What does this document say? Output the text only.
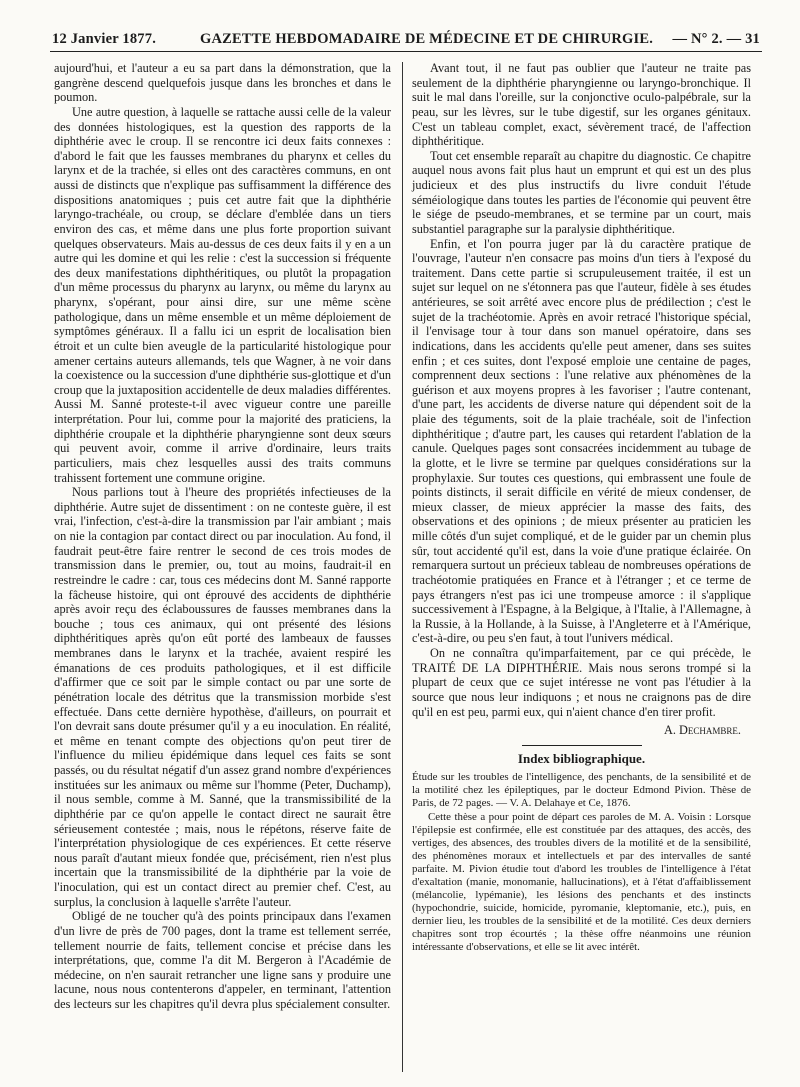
12 Janvier 1877.	GAZETTE HEBDOMADAIRE DE MÉDECINE ET DE CHIRURGIE. — N° 2. — 31

aujourd'hui, et l'auteur a eu sa part dans la démonstration, que la gangrène descend quelquefois jusque dans les bronches et dans le poumon.

Une autre question, à laquelle se rattache aussi celle de la valeur des données histologiques, est la question des rapports de la diphthérie avec le croup. Il se rencontre ici deux faits connexes : d'abord le fait que les fausses membranes du pharynx et celles du larynx et de la trachée, si elles ont des caractères communs, en ont aussi de distincts que n'explique pas suffisamment la différence des dispositions anatomiques ; puis cet autre fait que la diphthérie laryngo-trachéale, ou croup, se déclare d'emblée dans un tiers environ des cas, et même dans une plus forte proportion suivant quelques observateurs. Mais au-dessus de ces deux faits il y en a un autre qui les domine et qui les relie : c'est la succession si fréquente des deux manifestations diphthéritiques, ou plutôt la propagation d'un même processus du pharynx au larynx, ou même du larynx au pharynx, s'opérant, pour ainsi dire, sur une même scène pathologique, dans un même ensemble et un même déploiement de symptômes généraux. Il a fallu ici un esprit de localisation bien étroit et un culte bien aveugle de la particularité histologique pour amener certains auteurs allemands, tels que Wagner, à ne voir dans la coexistence ou la succession d'une diphthérie sus-glottique et d'un croup que la juxtaposition accidentelle de deux maladies différentes. Aussi M. Sanné proteste-t-il avec vigueur contre une pareille interprétation. Pour lui, comme pour la majorité des praticiens, la diphthérie croupale et la diphthérie pharyngienne sont deux sœurs qui peuvent avoir, comme il arrive d'ordinaire, leurs traits particuliers, mais chez lesquelles aussi des traits communs trahissent fortement une commune origine.

Nous parlions tout à l'heure des propriétés infectieuses de la diphthérie. Autre sujet de dissentiment : on ne conteste guère, il est vrai, l'infection, c'est-à-dire la transmission par l'air ambiant ; mais on nie la contagion par contact direct ou par inoculation. Au fond, il faudrait peut-être faire rentrer le second de ces trois modes de transmission dans le premier, ou, tout au moins, faudrait-il en restreindre le cadre : car, tous ces médecins dont M. Sanné rapporte la fâcheuse histoire, qui ont éprouvé des accidents de diphthérie après avoir reçu des éclaboussures de fausses membranes dans la bouche ; tous ces animaux, qui ont présenté des lésions diphthéritiques après qu'on eût porté des lambeaux de fausses membranes dans le larynx et la trachée, avaient respiré les émanations de ces produits pathologiques, et il est difficile d'affirmer que ce soit par le simple contact ou par une sorte de pénétration locale des détritus que la transmission morbide s'est effectuée. Dans cette dernière hypothèse, d'ailleurs, on pourrait et l'on devrait sans doute présumer qu'il y a eu inoculation. En réalité, et même en tenant compte des objections qu'on peut tirer de l'influence du milieu épidémique dans lequel ces faits se sont passés, ou du résultat négatif d'un assez grand nombre d'expériences instituées sur les animaux ou même sur l'homme (Peter, Duchamp), il nous semble, comme à M. Sanné, que la transmissibilité de la diphthérie par ce qu'on appelle le contact direct ne saurait être sérieusement contestée ; mais, nous le répétons, réserve faite de l'interprétation physiologique de ces expériences. Et cette réserve nous paraît d'autant mieux fondée que, précisément, rien n'est plus incertain que la transmissibilité de la diphthérie par la voie de l'inoculation, qui est un contact direct au premier chef. C'est, au surplus, la conclusion à laquelle s'arrête l'auteur.

Obligé de ne toucher qu'à des points principaux dans l'examen d'un livre de près de 700 pages, dont la trame est tellement serrée, tellement nourrie de faits, tellement concise et précise dans les interprétations, que, comme l'a dit M. Bergeron à l'Académie de médecine, on n'en saurait retrancher une ligne sans y produire une lacune, nous nous contenterons d'appeler, en terminant, l'attention des lecteurs sur les chapitres qu'il devra plus spécialement consulter.

Avant tout, il ne faut pas oublier que l'auteur ne traite pas seulement de la diphthérie pharyngienne ou laryngo-bronchique. Il suit le mal dans l'oreille, sur la conjonctive oculo-palpébrale, sur la peau, sur les lèvres, sur le tube digestif, sur les organes génitaux. C'est un tableau complet, exact, sévèrement tracé, de l'affection diphthéritique.

Tout cet ensemble reparaît au chapitre du diagnostic. Ce chapitre auquel nous avons fait plus haut un emprunt et qui est un des plus judicieux et des plus instructifs du livre conduit l'étude séméiologique dans toutes les parties de l'économie qui peuvent être le siége de pseudo-membranes, et se termine par un court, mais substantiel paragraphe sur la paralysie diphthéritique.

Enfin, et l'on pourra juger par là du caractère pratique de l'ouvrage, l'auteur n'en consacre pas moins d'un tiers à l'exposé du traitement. Dans cette partie si scrupuleusement traitée, il est un sujet sur lequel on ne s'étonnera pas que l'auteur, fidèle à ses études antérieures, se soit arrêté avec encore plus de prédilection ; c'est le sujet de la trachéotomie. Après en avoir retracé l'historique spécial, il l'envisage tour à tour dans son manuel opératoire, dans ses indications, dans les accidents qu'elle peut amener, dans ses suites enfin ; et ces suites, dont l'exposé emploie une centaine de pages, comprennent deux sections : l'une relative aux phénomènes de la guérison et aux moyens propres à les favoriser ; l'autre contenant, d'une part, les accidents de diverse nature qui dépendent soit de la plaie des téguments, soit de la plaie trachéale, soit de l'infection diphthéritique ; d'autre part, les causes qui retardent l'ablation de la canule. Quelques pages sont consacrées incidemment au tubage de la glotte, et le livre se termine par quelques considérations sur la prophylaxie. Sur toutes ces questions, qui embrassent une foule de points distincts, il serait difficile en vérité de mieux condenser, de mieux classer, de mieux apprécier la masse des faits, des observations et des opinions ; de mieux présenter au praticien les mille côtés d'un sujet compliqué, et de le guider par un chemin plus sûr, tout accidenté qu'il est, dans la voie d'une pratique éclairée. On remarquera surtout un précieux tableau de nombreuses opérations de trachéotomie pratiquées en France et à l'étranger ; et ce terme de pays étrangers n'est pas ici une trompeuse amorce : il s'applique successivement à l'Espagne, à la Belgique, à l'Italie, à l'Allemagne, à la Russie, à la Hollande, à la Suisse, à l'Angleterre et à l'Amérique, c'est-à-dire, ou peu s'en faut, à tout l'univers médical.

On ne connaîtra qu'imparfaitement, par ce qui précède, le TRAITÉ DE LA DIPHTHÉRIE. Mais nous serons trompé si la plupart de ceux que ce sujet intéresse ne vont pas l'étudier à la source que nous leur indiquons ; et nous ne craignons pas de dire qu'il en est peu, parmi eux, qui n'aient chance d'en tirer profit.

A. Dechambre.

Index bibliographique.

Étude sur les troubles de l'intelligence, des penchants, de la sensibilité et de la motilité chez les épileptiques, par le docteur Edmond Pivion. Thèse de Paris, de 72 pages. — V. A. Delahaye et Ce, 1876.

Cette thèse a pour point de départ ces paroles de M. A. Voisin : Lorsque l'épilepsie est confirmée, elle est constituée par des attaques, des accès, des vertiges, des absences, des troubles divers de la motilité et de la sensibilité, des phénomènes moraux et intellectuels et par des intervalles de santé parfaite. M. Pivion étudie tout d'abord les troubles de l'intelligence à l'état d'exaltation (manie, monomanie, hallucinations), et à l'état d'affaiblissement (mélancolie, lypémanie), les lésions des penchants et des instincts (hypochondrie, suicide, homicide, pyromanie, kleptomanie, etc.), puis, en dernier lieu, les troubles de la sensibilité et de la motilité. Ces deux derniers chapitres sont trop écourtés ; la thèse offre néanmoins une réunion intéressante d'observations, et elle se lit avec intérêt.
